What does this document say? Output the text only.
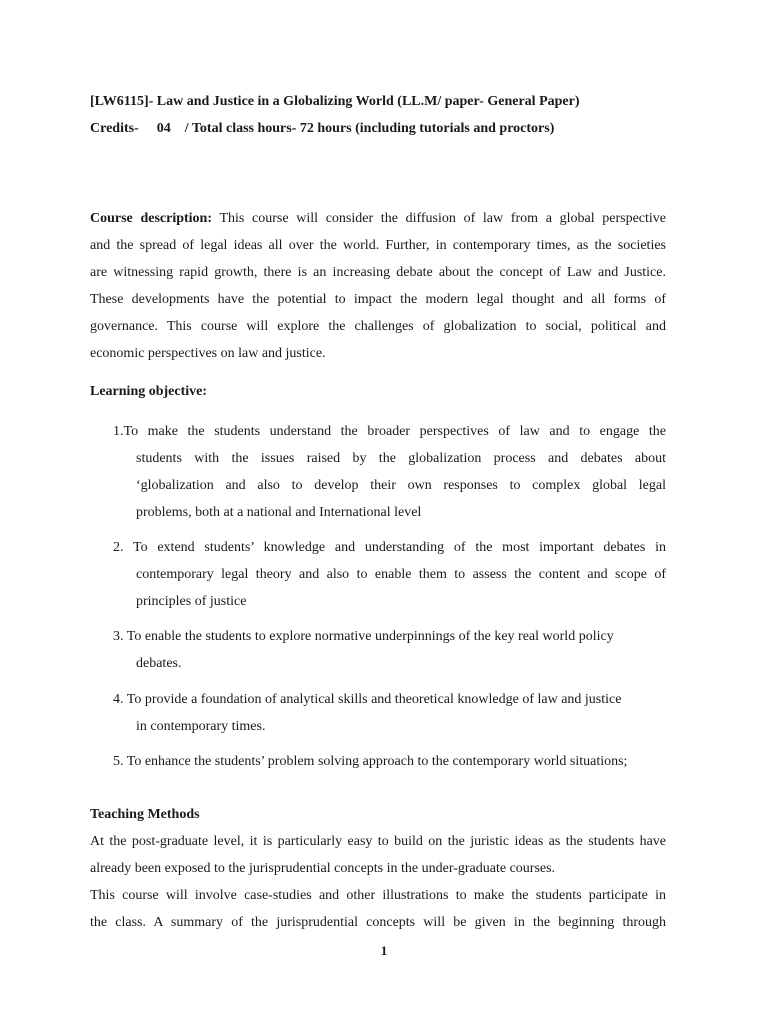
[LW6115]- Law and Justice in a Globalizing World (LL.M/ paper- General Paper)
Credits- 04 / Total class hours- 72 hours (including tutorials and proctors)
Course description: This course will consider the diffusion of law from a global perspective
and the spread of legal ideas all over the world. Further, in contemporary times, as the societies
are witnessing rapid growth, there is an increasing debate about the concept of Law and Justice.
These developments have the potential to impact the modern legal thought and all forms of
governance. This course will explore the challenges of globalization to social, political and
economic perspectives on law and justice.
Learning objective:
1.To make the students understand the broader perspectives of law and to engage the
students with the issues raised by the globalization process and debates about
‘globalization and also to develop their own responses to complex global legal
problems, both at a national and International level
2. To extend students’ knowledge and understanding of the most important debates in
contemporary legal theory and also to enable them to assess the content and scope of
principles of justice
3. To enable the students to explore normative underpinnings of the key real world policy
debates.
4. To provide a foundation of analytical skills and theoretical knowledge of law and justice
in contemporary times.
5. To enhance the students’ problem solving approach to the contemporary world situations;
Teaching Methods
At the post-graduate level, it is particularly easy to build on the juristic ideas as the students have
already been exposed to the jurisprudential concepts in the under-graduate courses.
This course will involve case-studies and other illustrations to make the students participate in
the class. A summary of the jurisprudential concepts will be given in the beginning through
1
